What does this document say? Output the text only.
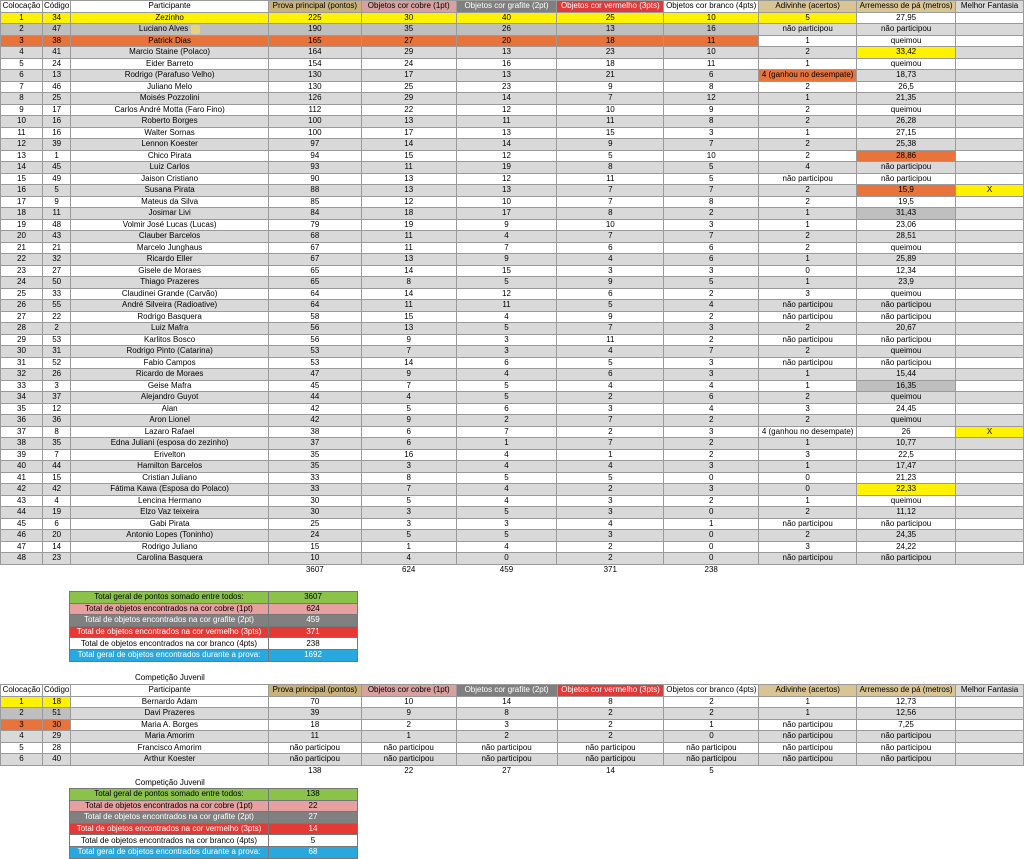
Colocação	Código	Participante	Prova principal (pontos)	Objetos cor cobre (1pt)	Objetos cor grafite (2pt)	Objetos cor vermelho (3pts)	Objetos cor branco (4pts)	Adivinhe (acertos)	Arremesso de pá (metros)	Melhor Fantasia
1	34	Zezinho	225	30	40	25	10	5	27,95	
2	47	Luciano Alves	190	35	26	13	16	não participou	não participou	
3	38	Patrick Dias	165	27	20	18	11	1	queimou	
4	41	Marcio Staine (Polaco)	164	29	13	23	10	2	33,42	
5	24	Eider Barreto	154	24	16	18	11	1	queimou	
6	13	Rodrigo (Parafuso Velho)	130	17	13	21	6	4 (ganhou no desempate)	18,73	
7	46	Juliano Melo	130	25	23	9	8	2	26,5	
8	25	Moisés Pozzolini	126	29	14	7	12	1	21,35	
9	17	Carlos André Motta (Faro Fino)	112	22	12	10	9	2	queimou	
10	16	Roberto Borges	100	13	11	11	8	2	26,28	
11	16	Walter Sornas	100	17	13	15	3	1	27,15	
12	39	Lennon Koester	97	14	14	9	7	2	25,38	
13	1	Chico Pirata	94	15	12	5	10	2	28,86	
14	45	Luiz Carlos	93	11	19	8	5	4	não participou	
15	49	Jaison Cristiano	90	13	12	11	5	não participou	não participou	
16	5	Susana Pirata	88	13	13	7	7	2	15,9	X
17	9	Mateus da Silva	85	12	10	7	8	2	19,5	
18	11	Josimar Livi	84	18	17	8	2	1	31,43	
19	48	Volmir José Lucas (Lucas)	79	19	9	10	3	1	23,06	
20	43	Clauber Barcelos	68	11	4	7	7	2	28,51	
21	21	Marcelo Junghaus	67	11	7	6	6	2	queimou	
22	32	Ricardo Eller	67	13	9	4	6	1	25,89	
23	27	Gisele de Moraes	65	14	15	3	3	0	12,34	
24	50	Thiago Prazeres	65	8	5	9	5	1	23,9	
25	33	Claudinei Grande (Carvão)	64	14	12	6	2	3	queimou	
26	55	André Silveira (Radioative)	64	11	11	5	4	não participou	não participou	
27	22	Rodrigo Basquera	58	15	4	9	2	não participou	não participou	
28	2	Luiz Mafra	56	13	5	7	3	2	20,67	
29	53	Karlitos Bosco	56	9	3	11	2	não participou	não participou	
30	31	Rodrigo Pinto (Catarina)	53	7	3	4	7	2	queimou	
31	52	Fabio Campos	53	14	6	5	3	não participou	não participou	
32	26	Ricardo de Moraes	47	9	4	6	3	1	15,44	
33	3	Geise Mafra	45	7	5	4	4	1	16,35	
34	37	Alejandro Guyot	44	4	5	2	6	2	queimou	
35	12	Alan	42	5	6	3	4	3	24,45	
36	36	Aron Lionel	42	9	2	7	2	2	queimou	
37	8	Lazaro Rafael	38	6	7	2	3	4 (ganhou no desempate)	26	X
38	35	Edna Juliani (esposa do zezinho)	37	6	1	7	2	1	10,77	
39	7	Erivelton	35	16	4	1	2	3	22,5	
40	44	Hamilton Barcelos	35	3	4	4	3	1	17,47	
41	15	Cristian Juliano	33	8	5	5	0	0	21,23	
42	42	Fátima Kawa (Esposa do Polaco)	33	7	4	2	3	0	22,33	
43	4	Lencina Hermano	30	5	4	3	2	1	queimou	
44	19	Elzo Vaz teixeira	30	3	5	3	0	2	11,12	
45	6	Gabi Pirata	25	3	3	4	1	não participou	não participou	
46	20	Antonio Lopes (Toninho)	24	5	5	3	0	2	24,35	
47	14	Rodrigo Juliano	15	1	4	2	0	3	24,22	
48	23	Carolina Basquera	10	4	0	2	0	não participou	não participou	
			3607	624	459	371	238			
Total geral de pontos somado entre todos:	3607
Total de objetos encontrados na cor cobre (1pt)	624
Total de objetos encontrados na cor grafite (2pt)	459
Total de objetos encontrados na cor vermelho (3pts)	371
Total de objetos encontrados na cor branco (4pts)	238
Total geral de objetos encontrados durante a prova:	1692
Competição Juvenil
Colocação	Código	Participante	Prova principal (pontos)	Objetos cor cobre (1pt)	Objetos cor grafite (2pt)	Objetos cor vermelho (3pts)	Objetos cor branco (4pts)	Adivinhe (acertos)	Arremesso de pá (metros)	Melhor Fantasia
1	18	Bernardo Adam	70	10	14	8	2	1	12,73	
2	51	Davi Prazeres	39	9	8	2	2	1	12,56	
3	30	Maria A. Borges	18	2	3	2	1	não participou	7,25	
4	29	Maria Amorim	11	1	2	2	0	não participou	não participou	
5	28	Francisco Amorim	não participou	não participou	não participou	não participou	não participou	não participou	não participou	
6	40	Arthur Koester	não participou	não participou	não participou	não participou	não participou	não participou	não participou	
			138	22	27	14	5			
Competição Juvenil
Total geral de pontos somado entre todos:	138
Total de objetos encontrados na cor cobre (1pt)	22
Total de objetos encontrados na cor grafite (2pt)	27
Total de objetos encontrados na cor vermelho (3pts)	14
Total de objetos encontrados na cor branco (4pts)	5
Total geral de objetos encontrados durante a prova:	68
